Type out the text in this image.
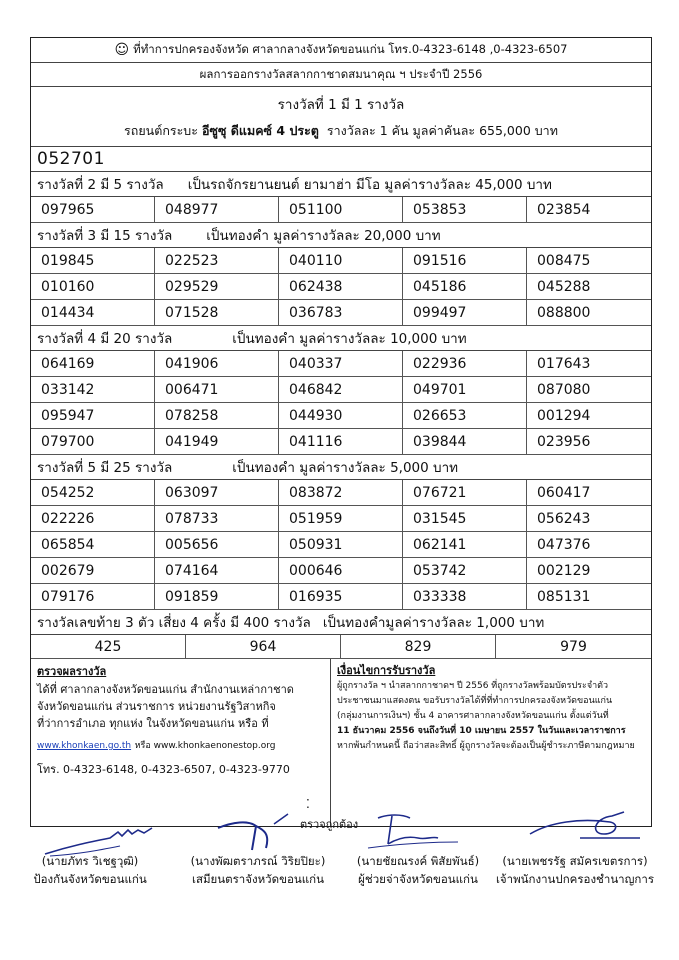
☺ ที่ทำการปกครองจังหวัด ศาลากลางจังหวัดขอนแก่น โทร.0-4323-6148 ,0-4323-6507
ผลการออกรางวัลสลากกาชาดสมนาคุณ ฯ ประจำปี 2556
รางวัลที่ 1 มี 1 รางวัล
รถยนต์กระบะ อีซูซุ ดีแมคซ์ 4 ประตู รางวัลละ 1 คัน มูลค่าคันละ 655,000 บาท
052701
รางวัลที่ 2 มี 5 รางวัล เป็นรถจักรยานยนต์ ยามาฮ่า มีโอ มูลค่ารางวัลละ 45,000 บาท
097965	048977	051100	053853	023854
รางวัลที่ 3 มี 15 รางวัล	เป็นทองคำ มูลค่ารางวัลละ 20,000 บาท
019845	022523	040110	091516	008475
010160	029529	062438	045186	045288
014434	071528	036783	099497	088800
รางวัลที่ 4 มี 20 รางวัล	เป็นทองคำ มูลค่ารางวัลละ 10,000 บาท
064169	041906	040337	022936	017643
033142	006471	046842	049701	087080
095947	078258	044930	026653	001294
079700	041949	041116	039844	023956
รางวัลที่ 5 มี 25 รางวัล	เป็นทองคำ มูลค่ารางวัลละ 5,000 บาท
054252	063097	083872	076721	060417
022226	078733	051959	031545	056243
065854	005656	050931	062141	047376
002679	074164	000646	053742	002129
079176	091859	016935	033338	085131
รางวัลเลขท้าย 3 ตัว เสี่ยง 4 ครั้ง มี 400 รางวัล เป็นทองคำมูลค่ารางวัลละ 1,000 บาท
425	964	829	979
ตรวจผลรางวัล
ได้ที่ ศาลากลางจังหวัดขอนแก่น สำนักงานเหล่ากาชาด
จังหวัดขอนแก่น ส่วนราชการ หน่วยงานรัฐวิสาหกิจ
ที่ว่าการอำเภอ ทุกแห่ง ในจังหวัดขอนแก่น หรือ ที่
www.khonkaen.go.th หรือ www.khonkaenonestop.org
โทร. 0-4323-6148, 0-4323-6507, 0-4323-9770
เงื่อนไขการรับรางวัล
ผู้ถูกรางวัล ฯ นำสลากกาชาดฯ ปี 2556 ที่ถูกรางวัลพร้อมบัตรประจำตัว
ประชาชนมาแสดงตน ขอรับรางวัลได้ที่ที่ทำการปกครองจังหวัดขอนแก่น
(กลุ่มงานการเงินฯ) ชั้น 4 อาคารศาลากลางจังหวัดขอนแก่น ตั้งแต่วันที่
11 ธันวาคม 2556 จนถึงวันที่ 10 เมษายน 2557 ในวันและเวลาราชการ
หากพ้นกำหนดนี้ ถือว่าสละสิทธิ์ ผู้ถูกรางวัลจะต้องเป็นผู้ชำระภาษีตามกฎหมาย
⁚
ตรวจถูกต้อง
(นายภัทร วิเชฐวุฒิ)
ป้องกันจังหวัดขอนแก่น
(นางพัฒตราภรณ์ วิริยปิยะ)
เสมียนตราจังหวัดขอนแก่น
(นายชัยณรงค์ พิสัยพันธ์)
ผู้ช่วยจ่าจังหวัดขอนแก่น
(นายเพชรรัฐ สมัครเขตรการ)
เจ้าพนักงานปกครองชำนาญการ
